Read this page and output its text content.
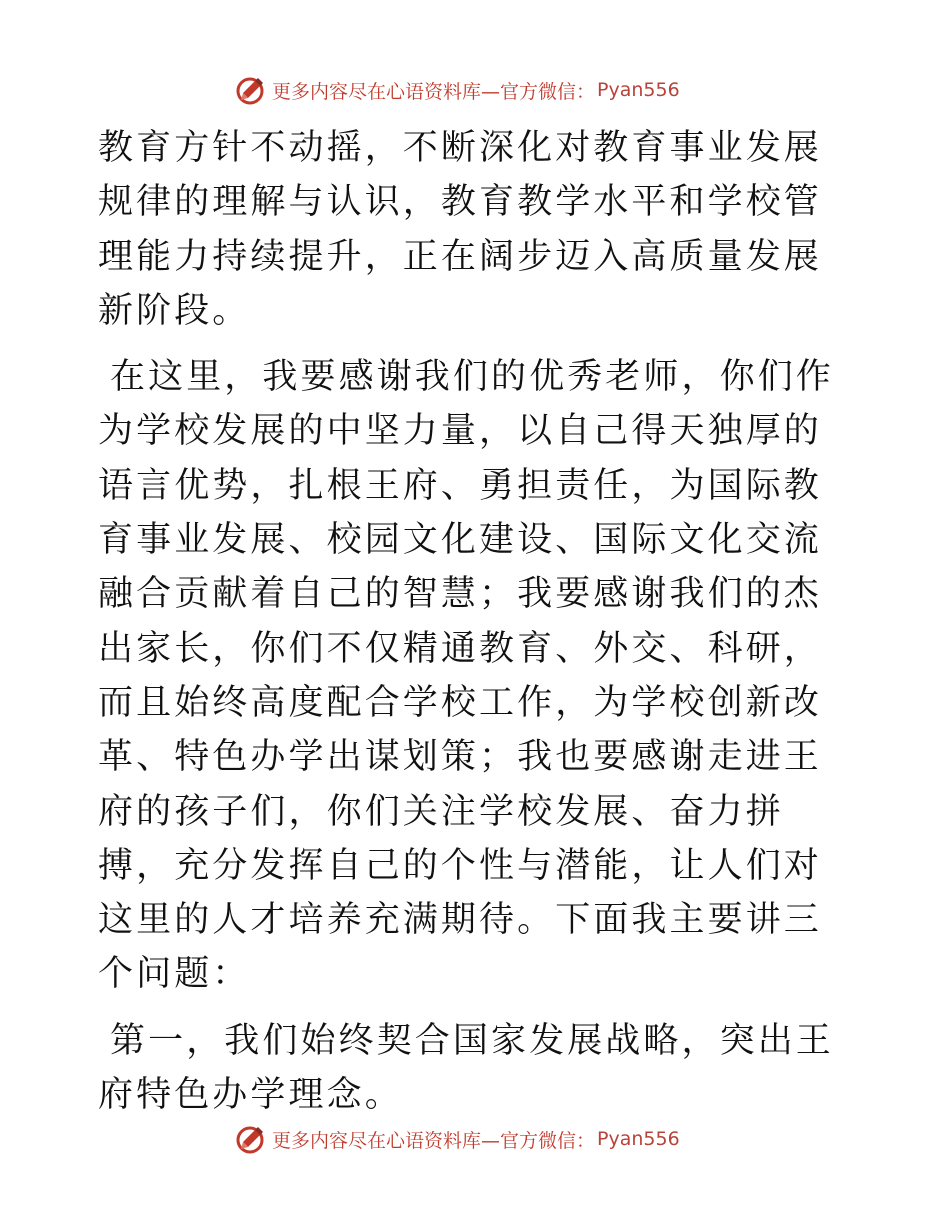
更多内容尽在心语资料库—官方微信： Pyan556

教育方针不动摇，不断深化对教育事业发展规律的理解与认识，教育教学水平和学校管理能力持续提升，正在阔步迈入高质量发展新阶段。

在这里，我要感谢我们的优秀老师，你们作为学校发展的中坚力量，以自己得天独厚的语言优势，扎根王府、勇担责任，为国际教育事业发展、校园文化建设、国际文化交流融合贡献着自己的智慧；我要感谢我们的杰出家长，你们不仅精通教育、外交、科研，而且始终高度配合学校工作，为学校创新改革、特色办学出谋划策；我也要感谢走进王府的孩子们，你们关注学校发展、奋力拼搏，充分发挥自己的个性与潜能，让人们对这里的人才培养充满期待。下面我主要讲三个问题：

第一，我们始终契合国家发展战略，突出王府特色办学理念。

更多内容尽在心语资料库—官方微信： Pyan556
